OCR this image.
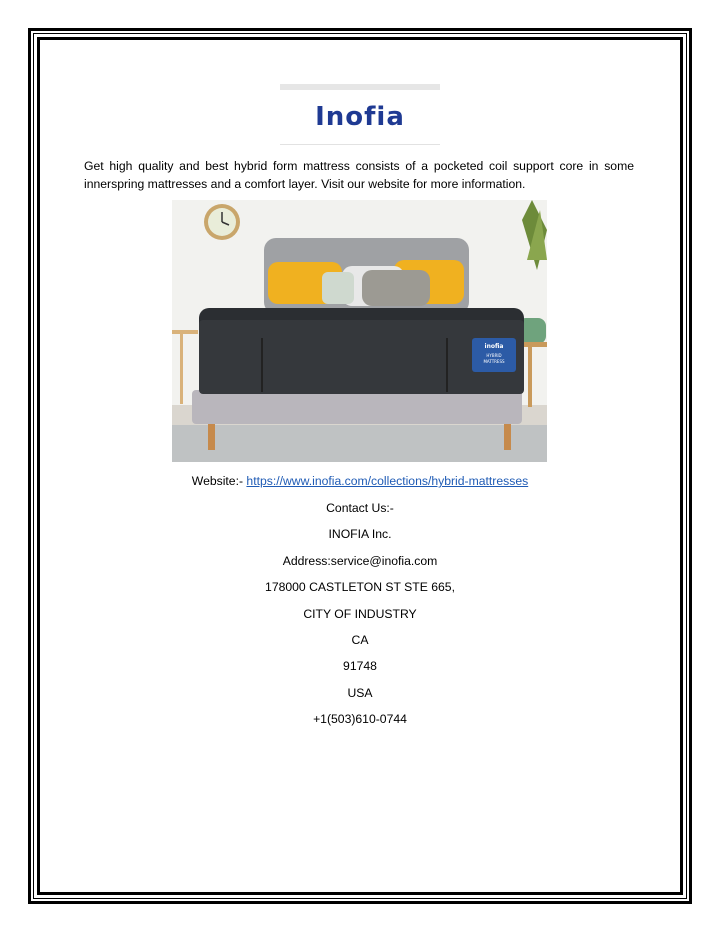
Inofia

Get high quality and best hybrid form mattress consists of a pocketed coil support core in some innerspring mattresses and a comfort layer. Visit our website for more information.

inofia
HYBRID
MATTRESS
Website:- https://www.inofia.com/collections/hybrid-mattresses
Contact Us:-
INOFIA Inc.
Address:service@inofia.com
178000 CASTLETON ST STE 665,
CITY OF INDUSTRY
CA
91748
USA
+1(503)610-0744
